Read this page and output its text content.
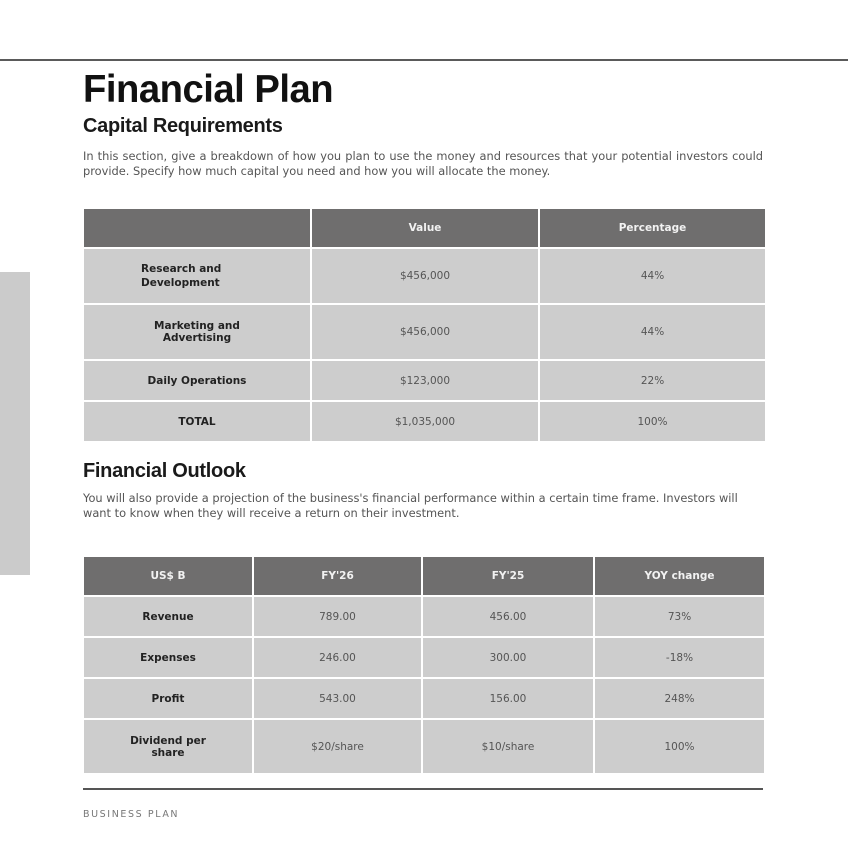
Financial Plan
Capital Requirements

In this section, give a breakdown of how you plan to use the money and resources that your potential investors could provide. Specify how much capital you need and how you will allocate the money.

	Value	Percentage
Research and Development	$456,000	44%
Marketing and Advertising	$456,000	44%
Daily Operations	$123,000	22%
TOTAL	$1,035,000	100%
Financial Outlook

You will also provide a projection of the business's financial performance within a certain time frame. Investors will want to know when they will receive a return on their investment.

US$ B	FY'26	FY'25	YOY change
Revenue	789.00	456.00	73%
Expenses	246.00	300.00	-18%
Profit	543.00	156.00	248%
Dividend per share	$20/share	$10/share	100%

BUSINESS PLAN
